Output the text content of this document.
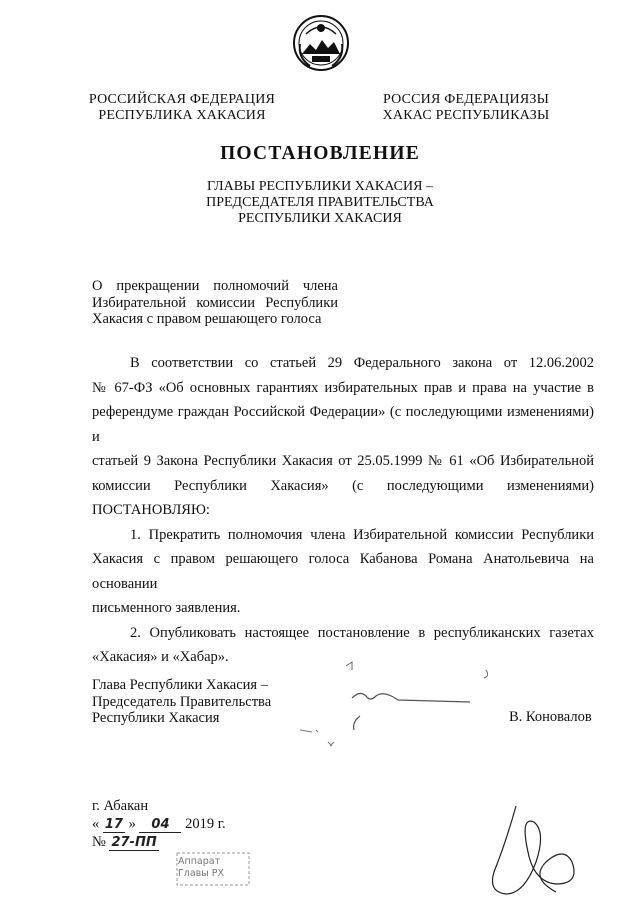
РОССИЙСКАЯ ФЕДЕРАЦИЯ
РЕСПУБЛИКА ХАКАСИЯ
РОССИЯ ФЕДЕРАЦИЯЗЫ
ХАКАС РЕСПУБЛИКАЗЫ
ПОСТАНОВЛЕНИЕ
ГЛАВЫ РЕСПУБЛИКИ ХАКАСИЯ –
ПРЕДСЕДАТЕЛЯ ПРАВИТЕЛЬСТВА
РЕСПУБЛИКИ ХАКАСИЯ
О прекращении полномочий члена
Избирательной комиссии Республики
Хакасия с правом решающего голоса

В соответствии со статьей 29 Федерального закона от 12.06.2002
№ 67-ФЗ «Об основных гарантиях избирательных прав и права на участие в
референдуме граждан Российской Федерации» (с последующими изменениями) и
статьей 9 Закона Республики Хакасия от 25.05.1999 № 61 «Об Избирательной
комиссии Республики Хакасия» (с последующими изменениями)
ПОСТАНОВЛЯЮ:

1. Прекратить полномочия члена Избирательной комиссии Республики
Хакасия с правом решающего голоса Кабанова Романа Анатольевича на основании
письменного заявления.

2. Опубликовать настоящее постановление в республиканских газетах
«Хакасия» и «Хабар».

Глава Республики Хакасия –
Председатель Правительства
Республики Хакасия	В. Коновалов
г. Абакан
« 17 » 04 2019 г.
№ 27-ПП
Аппарат
Главы РХ
